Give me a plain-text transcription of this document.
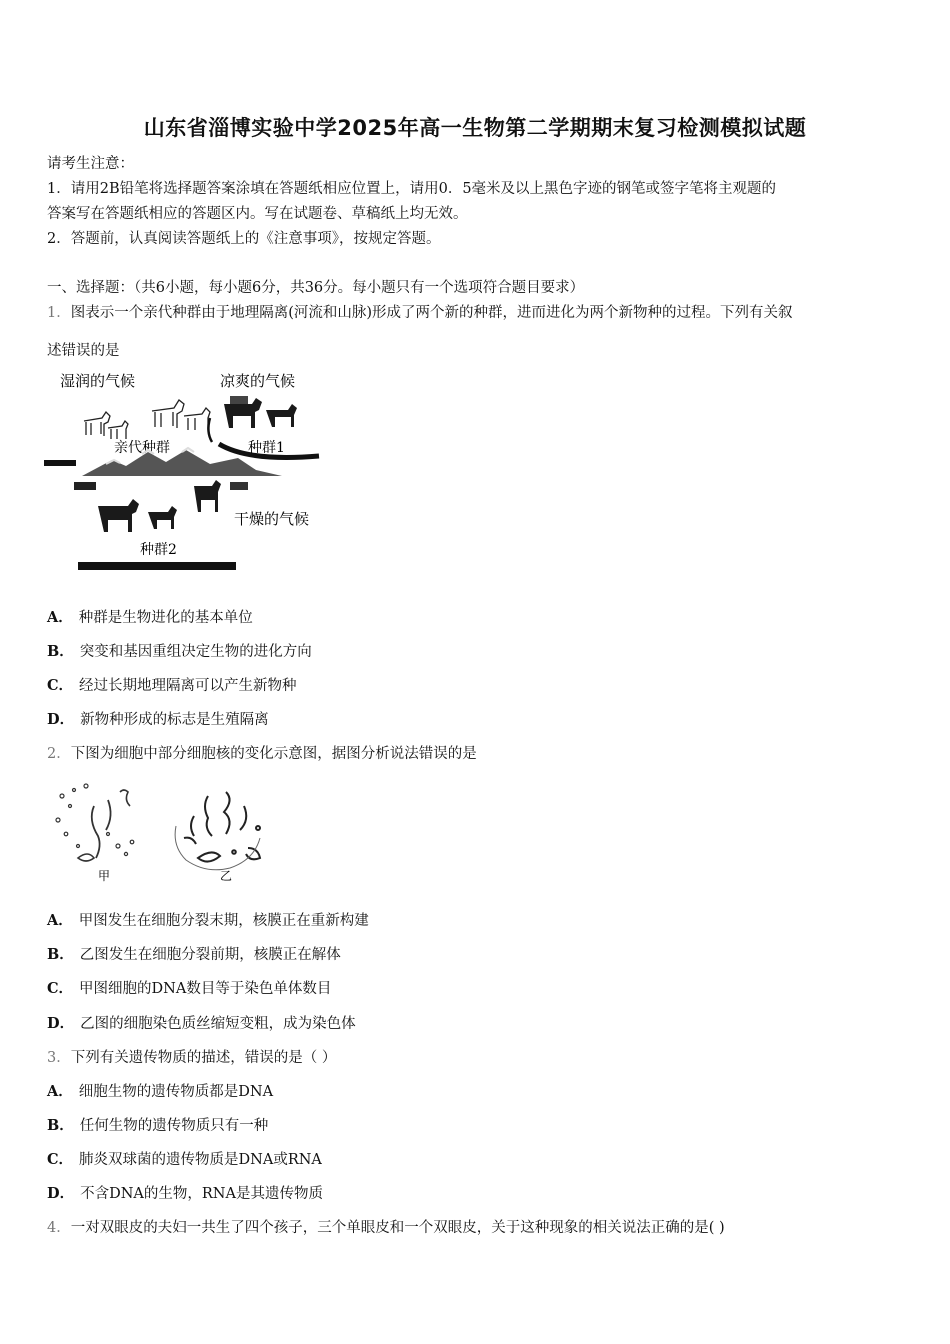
山东省淄博实验中学2025年高一生物第二学期期末复习检测模拟试题
请考生注意：
1．请用2B铅笔将选择题答案涂填在答题纸相应位置上，请用0．5毫米及以上黑色字迹的钢笔或签字笔将主观题的
答案写在答题纸相应的答题区内。写在试题卷、草稿纸上均无效。
2．答题前，认真阅读答题纸上的《注意事项》，按规定答题。
一、选择题：（共6小题，每小题6分，共36分。每小题只有一个选项符合题目要求）
1．图表示一个亲代种群由于地理隔离(河流和山脉)形成了两个新的种群，进而进化为两个新物种的过程。下列有关叙
述错误的是
湿润的气候	凉爽的气候
亲代种群	种群1
干燥的气候
种群2
A． 种群是生物进化的基本单位
B． 突变和基因重组决定生物的进化方向
C． 经过长期地理隔离可以产生新物种
D． 新物种形成的标志是生殖隔离
2．下图为细胞中部分细胞核的变化示意图，据图分析说法错误的是
甲	乙
A． 甲图发生在细胞分裂末期，核膜正在重新构建
B． 乙图发生在细胞分裂前期，核膜正在解体
C． 甲图细胞的DNA数目等于染色单体数目
D． 乙图的细胞染色质丝缩短变粗，成为染色体
3．下列有关遗传物质的描述，错误的是（ ）
A． 细胞生物的遗传物质都是DNA
B． 任何生物的遗传物质只有一种
C． 肺炎双球菌的遗传物质是DNA或RNA
D． 不含DNA的生物，RNA是其遗传物质
4．一对双眼皮的夫妇一共生了四个孩子，三个单眼皮和一个双眼皮，关于这种现象的相关说法正确的是( )
